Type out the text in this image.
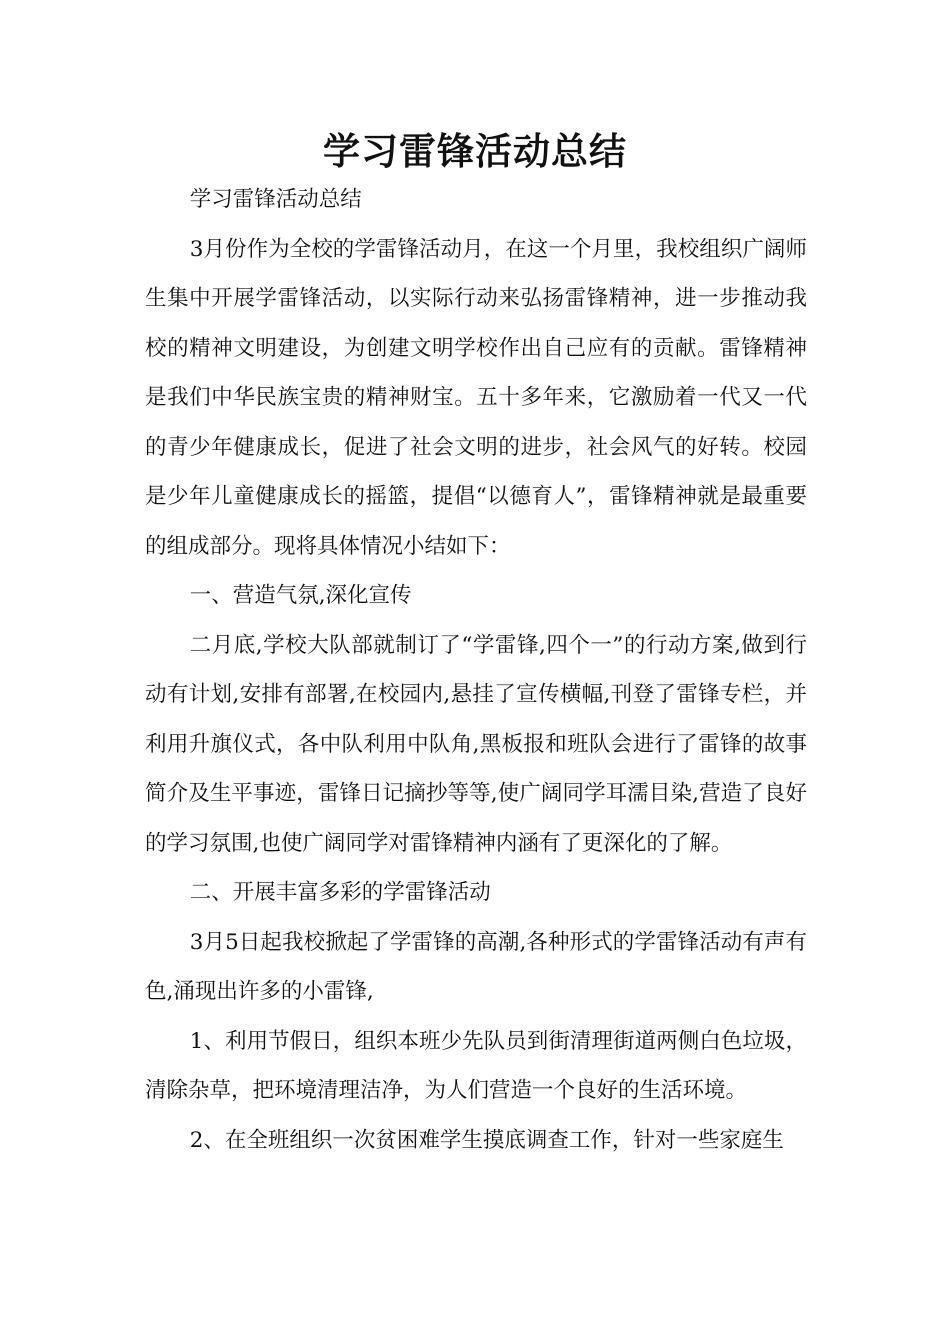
学习雷锋活动总结

学习雷锋活动总结

3月份作为全校的学雷锋活动月，在这一个月里，我校组织广阔师生集中开展学雷锋活动，以实际行动来弘扬雷锋精神，进一步推动我校的精神文明建设，为创建文明学校作出自己应有的贡献。雷锋精神是我们中华民族宝贵的精神财宝。五十多年来，它激励着一代又一代的青少年健康成长，促进了社会文明的进步，社会风气的好转。校园是少年儿童健康成长的摇篮，提倡“以德育人”，雷锋精神就是最重要的组成部分。现将具体情况小结如下：

一、营造气氛,深化宣传

二月底,学校大队部就制订了“学雷锋,四个一”的行动方案,做到行动有计划,安排有部署,在校园内,悬挂了宣传横幅,刊登了雷锋专栏，并利用升旗仪式，各中队利用中队角,黑板报和班队会进行了雷锋的故事简介及生平事迹，雷锋日记摘抄等等,使广阔同学耳濡目染,营造了良好的学习氛围,也使广阔同学对雷锋精神内涵有了更深化的了解。

二、开展丰富多彩的学雷锋活动

3月5日起我校掀起了学雷锋的高潮,各种形式的学雷锋活动有声有色,涌现出许多的小雷锋,

1、利用节假日，组织本班少先队员到街清理街道两侧白色垃圾，清除杂草，把环境清理洁净，为人们营造一个良好的生活环境。

2、在全班组织一次贫困难学生摸底调查工作，针对一些家庭生
